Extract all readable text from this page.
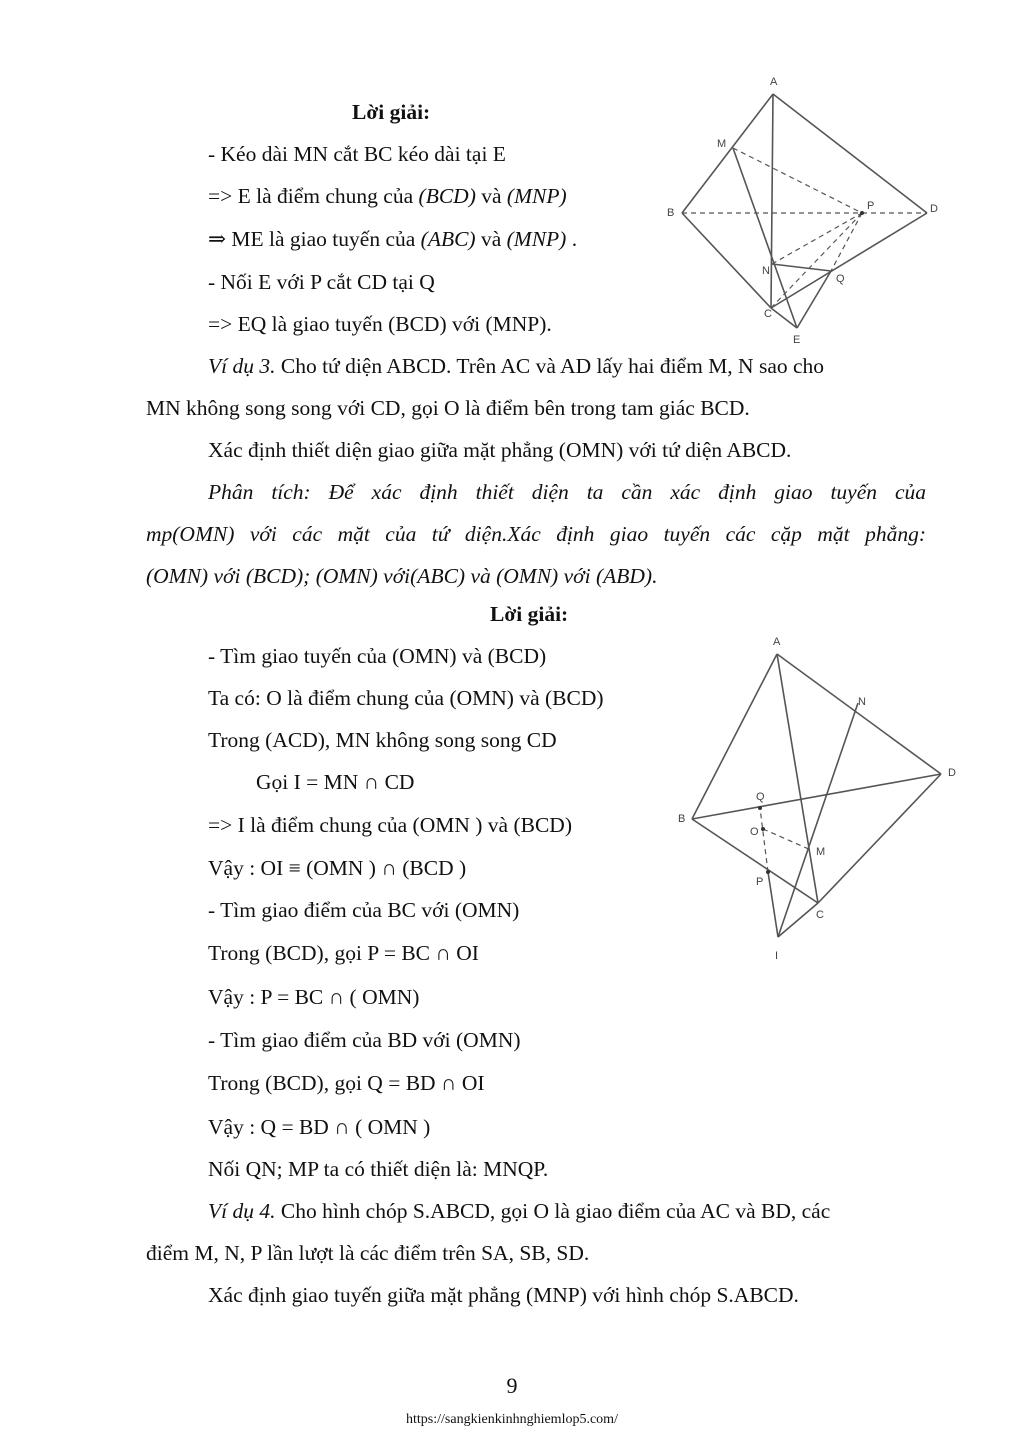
Lời giải:
- Kéo dài MN cắt BC kéo dài tại E
=> E là điểm chung của (BCD) và (MNP)
⇒ ME là giao tuyến của (ABC) và (MNP) .
- Nối E với P cắt CD tại Q
=> EQ là giao tuyến (BCD) với (MNP).
A
M
B
P	D
N
Q
C
E
Ví dụ 3. Cho tứ diện ABCD. Trên AC và AD lấy hai điểm M, N sao cho
MN không song song với CD, gọi O là điểm bên trong tam giác BCD.
Xác định thiết diện giao giữa mặt phẳng (OMN) với tứ diện ABCD.
Phân tích: Để xác định thiết diện ta cần xác định giao tuyến của
mp(OMN) với các mặt của tứ diện.Xác định giao tuyến các cặp mặt phẳng:
(OMN) với (BCD); (OMN) với(ABC) và (OMN) với (ABD).
Lời giải:
- Tìm giao tuyến của (OMN) và (BCD)
Ta có: O là điểm chung của (OMN) và (BCD)
Trong (ACD), MN không song song CD
Gọi I = MN ∩ CD
=> I là điểm chung của (OMN ) và (BCD)
Vậy : OI ≡ (OMN ) ∩ (BCD )
- Tìm giao điểm của BC với (OMN)
Trong (BCD), gọi P = BC ∩ OI
Vậy : P = BC ∩ ( OMN)
- Tìm giao điểm của BD với (OMN)
Trong (BCD), gọi Q = BD ∩ OI
Vậy : Q = BD ∩ ( OMN )
Nối QN; MP ta có thiết diện là: MNQP.
A
N
D
Q
B
O
M
P
C
I
Ví dụ 4. Cho hình chóp S.ABCD, gọi O là giao điểm của AC và BD, các
điểm M, N, P lần lượt là các điểm trên SA, SB, SD.
Xác định giao tuyến giữa mặt phẳng (MNP) với hình chóp S.ABCD.
9
https://sangkienkinhnghiemlop5.com/
